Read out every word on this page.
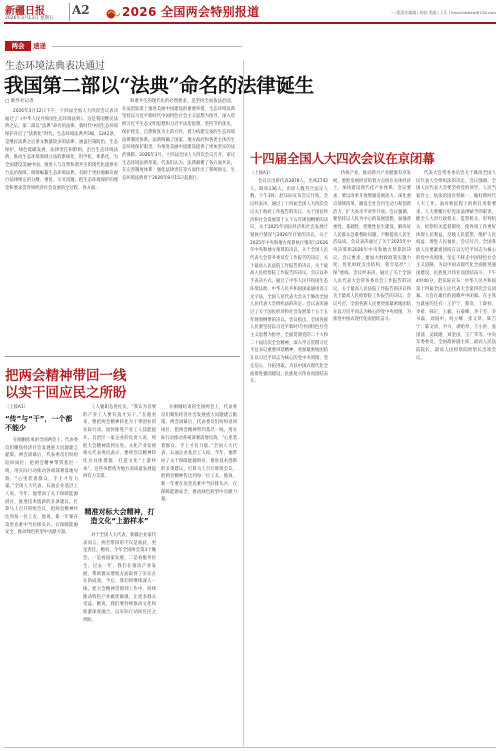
新疆日报
2026年3月13日 星期五
A2	2026 全国两会特别报道	一二版责任编辑 | 杨钰 美编 | 王乐 | Email:idtbxw@126.com
两会	速递
生态环境法典表决通过
我国第二部以“法典”命名的法律诞生
□ 新华社记者
2026年3月12日下午，十四届全国人大四次会议表决通过了《中华人民共和国生态环境法典》。这是我国继民法典之后，第二部以“法典”命名的法律。新时代中国生态环境保护开启了“法典化”时代。生态环境法典共5编、1242条，是继民法典之后条文数量较多的法律，涵盖污染防治、生态保护、绿色低碳发展、法律责任和附则。出台生态环境法典，推动生态环境领域立法的系统化、科学化、体系化，为全面建设美丽中国、推进人与自然和谐共生的现代化提供有力法治保障。统筹编纂生态环境法典，有助于更好地解决现行法律规定的分散、重复、交叉问题，把生态环境保护的理念和要求贯穿到经济社会发展的全过程、各方面。
和谐共生的现代化的必然要求，是坚持全面依法治国、在法治轨道上推进美丽中国建设的重要举措。生态环境法典坚持以习近平新时代中国特色社会主义思想为指导，深入贯彻习近平生态文明思想和习近平法治思想，坚持节约优先、保护优先、自然恢复为主的方针，着力构建完备的生态环境法律制度体系。法典明确了国家、地方政府和各类主体的生态环境保护职责，为推进美丽中国建设提供了更加坚实的法治保障。2026年3月，十四届全国人大四次会议召开，审议生态环境法典草案。代表们认为，法典凝聚了各方面共识，在完善制度体系、强化法律责任等方面作出了系统规定。生态环境法典将于2026年8月15日起施行。
把两会精神带回一线
以实干回应民之所盼
（上接A1）
“传”与“干”，一个都不能少
在刚刚结束的全国两会上，代表委员们聚焦经济社会发展重大问题建言献策。两会闭幕后，代表委员们纷纷返回岗位，把两会精神带到基层一线，用实际行动推动各项部署落地见效。“心里装着群众，手上才有力量。”全国人大代表、石油企业基层工人说。今年，他带回了关于保障能源供应、推进技术创新的多条建议，打算马上召开班组会议，把两会精神传达到每一位工友。他说，新一年要在攻坚克难中当好排头兵，在保障能源安全、推动绿色转型中贡献力量。
工人履职态度扎实，“我认为首要的产业工人要有真才实干。”在他看来，要把两会精神转化为干事创业的实际行动，加快推进产业工人技能提升。自治区一家企业的负责人说，将把大会精神落到实处。文化产业发展相关代表委员表示，要将会议精神转化为具体措施，打造文化“上游样本”。这些举措将为地方高质量发展提供有力支撑。
精准对标大会精神，打造文化“上游样本”
对于全国人大代表、新疆企业家代表而言，两会带回的不仅是收获，更是责任。她说，今年全国两会第3个晚会，一是看国家发展、二是看服务民生。过去一年，我们在推动产业发展、帮助群众增收方面取得了实实在在的成效。今后，我们将继续深入一线，把大会精神贯彻到工作中，持续推动特色产业做优做强，让更多群众受益。她说，我们要持续推动文化和旅游深度融合，以实际行动回应民之所盼。
在刚刚结束的全国两会上，代表委员们聚焦经济社会发展重大问题建言献策。两会闭幕后，代表委员们纷纷返回岗位，把两会精神带到基层一线，用实际行动推动各项部署落地见效。“心里装着群众，手上才有力量。”全国人大代表、石油企业基层工人说。今年，他带回了关于保障能源供应、推进技术创新的多条建议，打算马上召开班组会议，把两会精神传达到每一位工友。他说，新一年要在攻坚克难中当好排头兵，在保障能源安全、推动绿色转型中贡献力量。
十四届全国人大四次会议在京闭幕
（上接A1）
会议应出席代表2878人，出席2742人，缺席136人，出席人数符合法定人数。下午3时，赵乐际宣布会议开始。会议经表决，通过了十四届全国人大四次会议关于政府工作报告的决议、关于国民经济和社会发展第十五个五年规划纲要的决议、关于2025年国民经济和社会发展计划执行情况与2026年计划的决议、关于2025年中央和地方预算执行情况与2026年中央和地方预算的决议、关于全国人民代表大会常务委员会工作报告的决议、关于最高人民法院工作报告的决议、关于最高人民检察院工作报告的决议。会议以举手表决方式，通过了中华人民共和国生态环境法典，中华人民共和国国家通用语言文字法，全国人民代表大会关于修改全国人民代表大会组织法的决定。会议表决通过了关于国民经济和社会发展第十五个五年规划纲要的决议。会议指出，全国各族人民要坚持以习近平新时代中国特色社会主义思想为指导，全面贯彻党的二十大和二十届历次全会精神，深入学习贯彻习近平总书记重要讲话精神，更加紧密地团结在以习近平同志为核心的党中央周围，坚定信心、开拓进取，为以中国式现代化全面推进强国建设、民族复兴伟业而团结奋斗。
传统产业，推动新兴产业健康有序发展。要把发展经济的着力点放在实体经济上，加快建设现代化产业体系。会议要求，要以改革开放增强发展动力，深化重点领域改革，激发全社会内生动力和创新活力，扩大高水平对外开放。会议强调，要坚持以人民为中心的发展思想，加强普惠性、基础性、兜底性民生建设，解决好人民群众急难愁盼问题，不断提高人民生活品质。会议表决通过了关于2025年中央决算和2026年中央和地方预算的决议。会议要求，要加大财政政策实施力度，优化财政支出结构，兜牢基层“三保”底线。会议经表决，通过了关于全国人民代表大会常务委员会工作报告的决议，关于最高人民法院工作报告的决议和关于最高人民检察院工作报告的决议。会议号召，全国各族人民要更加紧密地团结在以习近平同志为核心的党中央周围，为推进中国式现代化而团结奋斗。
代表大会常务委员会关于修改全国人民代表大会组织法的决定。会议强调，全国人民代表大会要坚持党的领导、人民当家作主、依法治国有机统一，做好新时代人大工作。面对新征程上的新任务新要求，人大要履行好宪法法律赋予的职责，健全人大对行政机关、监察机关、审判机关、检察机关监督制度，使各项工作更好体现人民利益、反映人民愿望、维护人民权益、增进人民福祉。会议号召，全国各族人民要紧密团结在以习近平同志为核心的党中央周围，坚定不移走中国特色社会主义道路，为以中国式现代化全面推进强国建设、民族复兴伟业而团结奋斗。下午4时40分，赵乐际宣布：中华人民共和国第十四届全国人民代表大会第四次会议闭幕。大会在雄壮的国歌声中闭幕。在主席台就座的还有：王沪宁、蔡奇、丁薛祥、李希、韩正、王毅、石泰峰、李干杰、李书磊、刘国中、何立峰、张又侠、陈吉宁、陈文清、尹力、谌贻琴、王小洪、张国清、吴政隆、刘金国、王广华等。中央军委委员，全国政协副主席，最高人民法院院长，最高人民检察院检察长出席会议。
